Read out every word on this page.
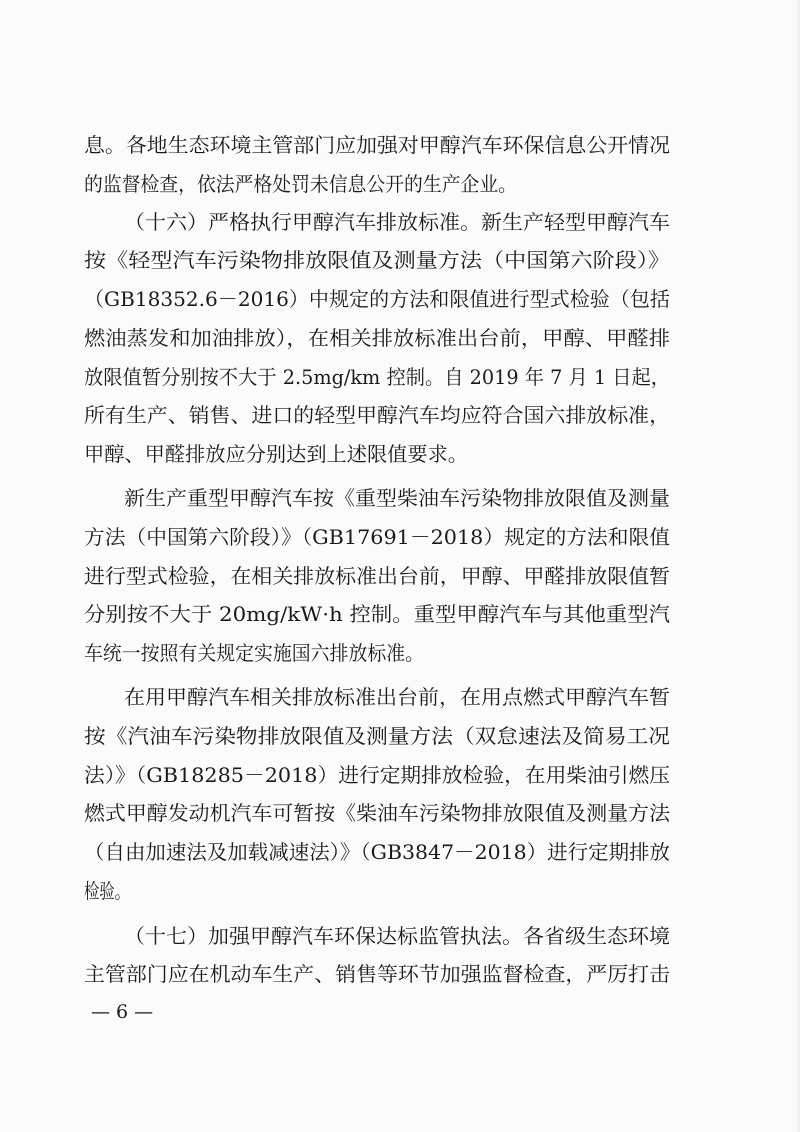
息。各地生态环境主管部门应加强对甲醇汽车环保信息公开情况
的监督检查，依法严格处罚未信息公开的生产企业。
（十六）严格执行甲醇汽车排放标准。新生产轻型甲醇汽车
按《轻型汽车污染物排放限值及测量方法（中国第六阶段）》
（GB18352.6－2016）中规定的方法和限值进行型式检验（包括
燃油蒸发和加油排放），在相关排放标准出台前，甲醇、甲醛排
放限值暂分别按不大于 2.5mg/km 控制。自 2019 年 7 月 1 日起，
所有生产、销售、进口的轻型甲醇汽车均应符合国六排放标准，
甲醇、甲醛排放应分别达到上述限值要求。
新生产重型甲醇汽车按《重型柴油车污染物排放限值及测量
方法（中国第六阶段）》（GB17691－2018）规定的方法和限值
进行型式检验，在相关排放标准出台前，甲醇、甲醛排放限值暂
分别按不大于 20mg/kW·h 控制。重型甲醇汽车与其他重型汽
车统一按照有关规定实施国六排放标准。
在用甲醇汽车相关排放标准出台前，在用点燃式甲醇汽车暂
按《汽油车污染物排放限值及测量方法（双怠速法及简易工况
法）》（GB18285－2018）进行定期排放检验，在用柴油引燃压
燃式甲醇发动机汽车可暂按《柴油车污染物排放限值及测量方法
（自由加速法及加载减速法）》（GB3847－2018）进行定期排放
检验。
（十七）加强甲醇汽车环保达标监管执法。各省级生态环境
主管部门应在机动车生产、销售等环节加强监督检查，严厉打击
— 6 —
